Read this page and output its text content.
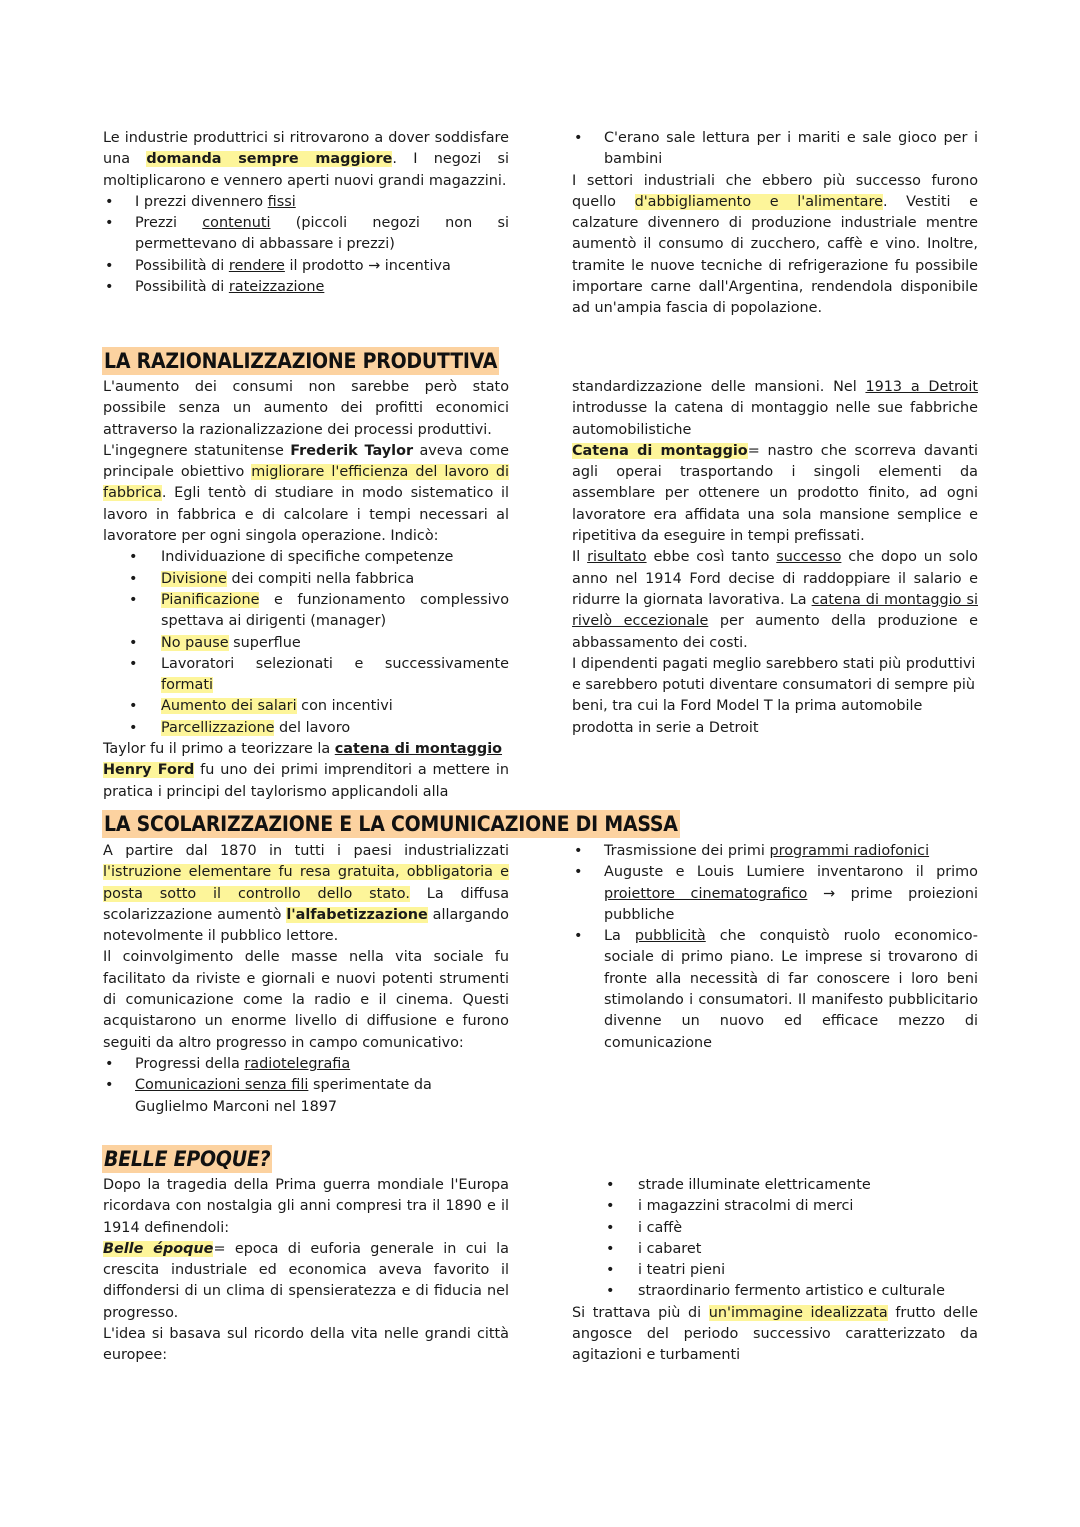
Le industrie produttrici si ritrovarono a dover soddisfare una domanda sempre maggiore. I negozi si moltiplicarono e vennero aperti nuovi grandi magazzini.

• I prezzi divennero fissi
• Prezzi contenuti (piccoli negozi non si permettevano di abbassare i prezzi)
• Possibilità di rendere il prodotto → incentiva
• Possibilità di rateizzazione
• C'erano sale lettura per i mariti e sale gioco per i bambini

I settori industriali che ebbero più successo furono quello d'abbigliamento e l'alimentare. Vestiti e calzature divennero di produzione industriale mentre aumentò il consumo di zucchero, caffè e vino. Inoltre, tramite le nuove tecniche di refrigerazione fu possibile importare carne dall'Argentina, rendendola disponibile ad un'ampia fascia di popolazione.

LA RAZIONALIZZAZIONE PRODUTTIVA

L'aumento dei consumi non sarebbe però stato possibile senza un aumento dei profitti economici attraverso la razionalizzazione dei processi produttivi.

L'ingegnere statunitense Frederik Taylor aveva come principale obiettivo migliorare l'efficienza del lavoro di fabbrica. Egli tentò di studiare in modo sistematico il lavoro in fabbrica e di calcolare i tempi necessari al lavoratore per ogni singola operazione. Indicò:

• Individuazione di specifiche competenze
• Divisione dei compiti nella fabbrica
• Pianificazione e funzionamento complessivo spettava ai dirigenti (manager)
• No pause superflue
• Lavoratori selezionati e successivamente formati
• Aumento dei salari con incentivi
• Parcellizzazione del lavoro

Taylor fu il primo a teorizzare la catena di montaggio

Henry Ford fu uno dei primi imprenditori a mettere in pratica i principi del taylorismo applicandoli alla

standardizzazione delle mansioni. Nel 1913 a Detroit introdusse la catena di montaggio nelle sue fabbriche automobilistiche

Catena di montaggio= nastro che scorreva davanti agli operai trasportando i singoli elementi da assemblare per ottenere un prodotto finito, ad ogni lavoratore era affidata una sola mansione semplice e ripetitiva da eseguire in tempi prefissati.

Il risultato ebbe così tanto successo che dopo un solo anno nel 1914 Ford decise di raddoppiare il salario e ridurre la giornata lavorativa. La catena di montaggio si rivelò eccezionale per aumento della produzione e abbassamento dei costi.

I dipendenti pagati meglio sarebbero stati più produttivi e sarebbero potuti diventare consumatori di sempre più beni, tra cui la Ford Model T la prima automobile prodotta in serie a Detroit

LA SCOLARIZZAZIONE E LA COMUNICAZIONE DI MASSA

A partire dal 1870 in tutti i paesi industrializzati l'istruzione elementare fu resa gratuita, obbligatoria e posta sotto il controllo dello stato. La diffusa scolarizzazione aumentò l'alfabetizzazione allargando notevolmente il pubblico lettore.

Il coinvolgimento delle masse nella vita sociale fu facilitato da riviste e giornali e nuovi potenti strumenti di comunicazione come la radio e il cinema. Questi acquistarono un enorme livello di diffusione e furono seguiti da altro progresso in campo comunicativo:

• Progressi della radiotelegrafia
• Comunicazioni senza fili sperimentate da Guglielmo Marconi nel 1897
• Trasmissione dei primi programmi radiofonici
• Auguste e Louis Lumiere inventarono il primo proiettore cinematografico → prime proiezioni pubbliche
• La pubblicità che conquistò ruolo economico-sociale di primo piano. Le imprese si trovarono di fronte alla necessità di far conoscere i loro beni stimolando i consumatori. Il manifesto pubblicitario divenne un nuovo ed efficace mezzo di comunicazione
BELLE EPOQUE?

Dopo la tragedia della Prima guerra mondiale l'Europa ricordava con nostalgia gli anni compresi tra il 1890 e il 1914 definendoli:

Belle époque= epoca di euforia generale in cui la crescita industriale ed economica aveva favorito il diffondersi di un clima di spensieratezza e di fiducia nel progresso.

L'idea si basava sul ricordo della vita nelle grandi città europee:

• strade illuminate elettricamente
• i magazzini stracolmi di merci
• i caffè
• i cabaret
• i teatri pieni
• straordinario fermento artistico e culturale

Si trattava più di un'immagine idealizzata frutto delle angosce del periodo successivo caratterizzato da agitazioni e turbamenti
